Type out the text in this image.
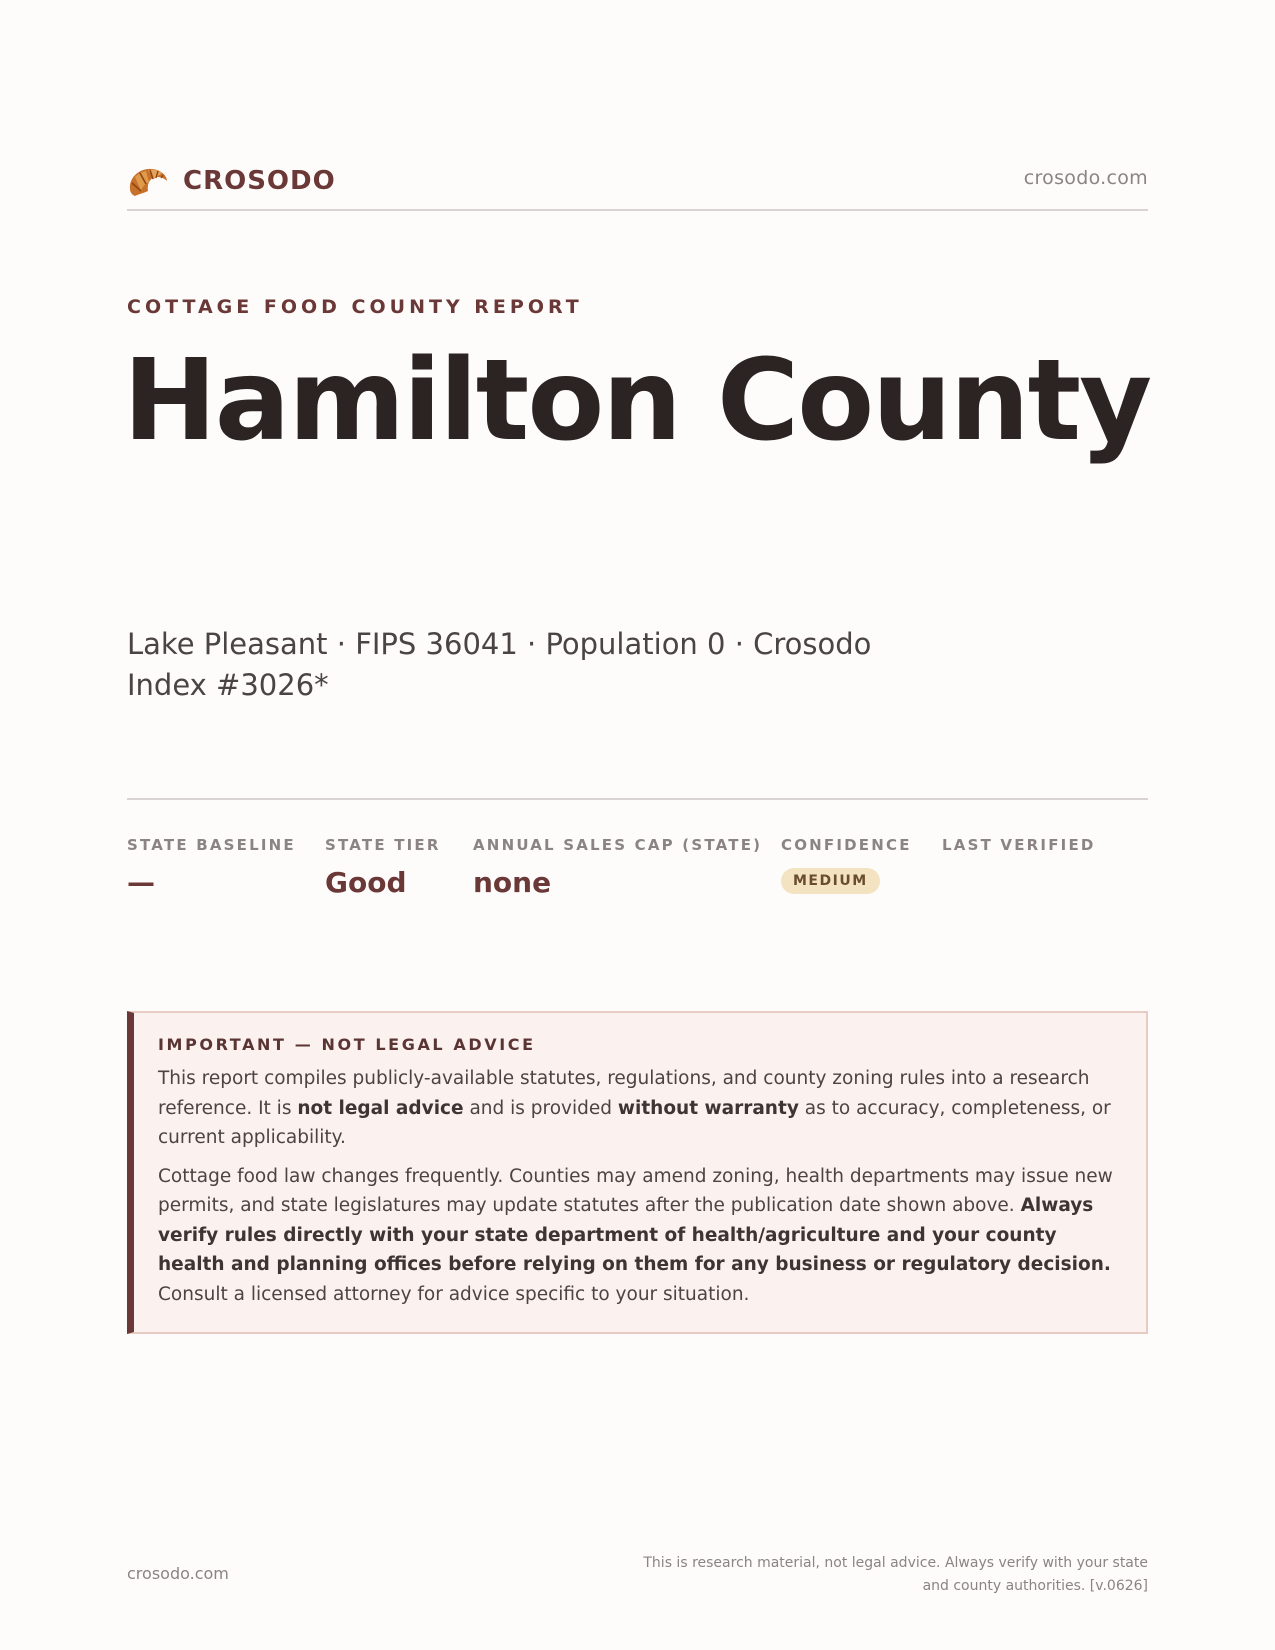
CROSODO	crosodo.com
COTTAGE FOOD COUNTY REPORT
Hamilton County
Lake Pleasant · FIPS 36041 · Population 0 · Crosodo Index #3026*
STATE BASELINE
—
STATE TIER
Good
ANNUAL SALES CAP (STATE)
none
CONFIDENCE
MEDIUM
LAST VERIFIED
IMPORTANT — NOT LEGAL ADVICE

This report compiles publicly-available statutes, regulations, and county zoning rules into a research reference. It is not legal advice and is provided without warranty as to accuracy, completeness, or current applicability.

Cottage food law changes frequently. Counties may amend zoning, health departments may issue new permits, and state legislatures may update statutes after the publication date shown above. Always verify rules directly with your state department of health/agriculture and your county health and planning offices before relying on them for any business or regulatory decision. Consult a licensed attorney for advice specific to your situation.

crosodo.com
This is research material, not legal advice. Always verify with your state and county authorities. [v.0626]
